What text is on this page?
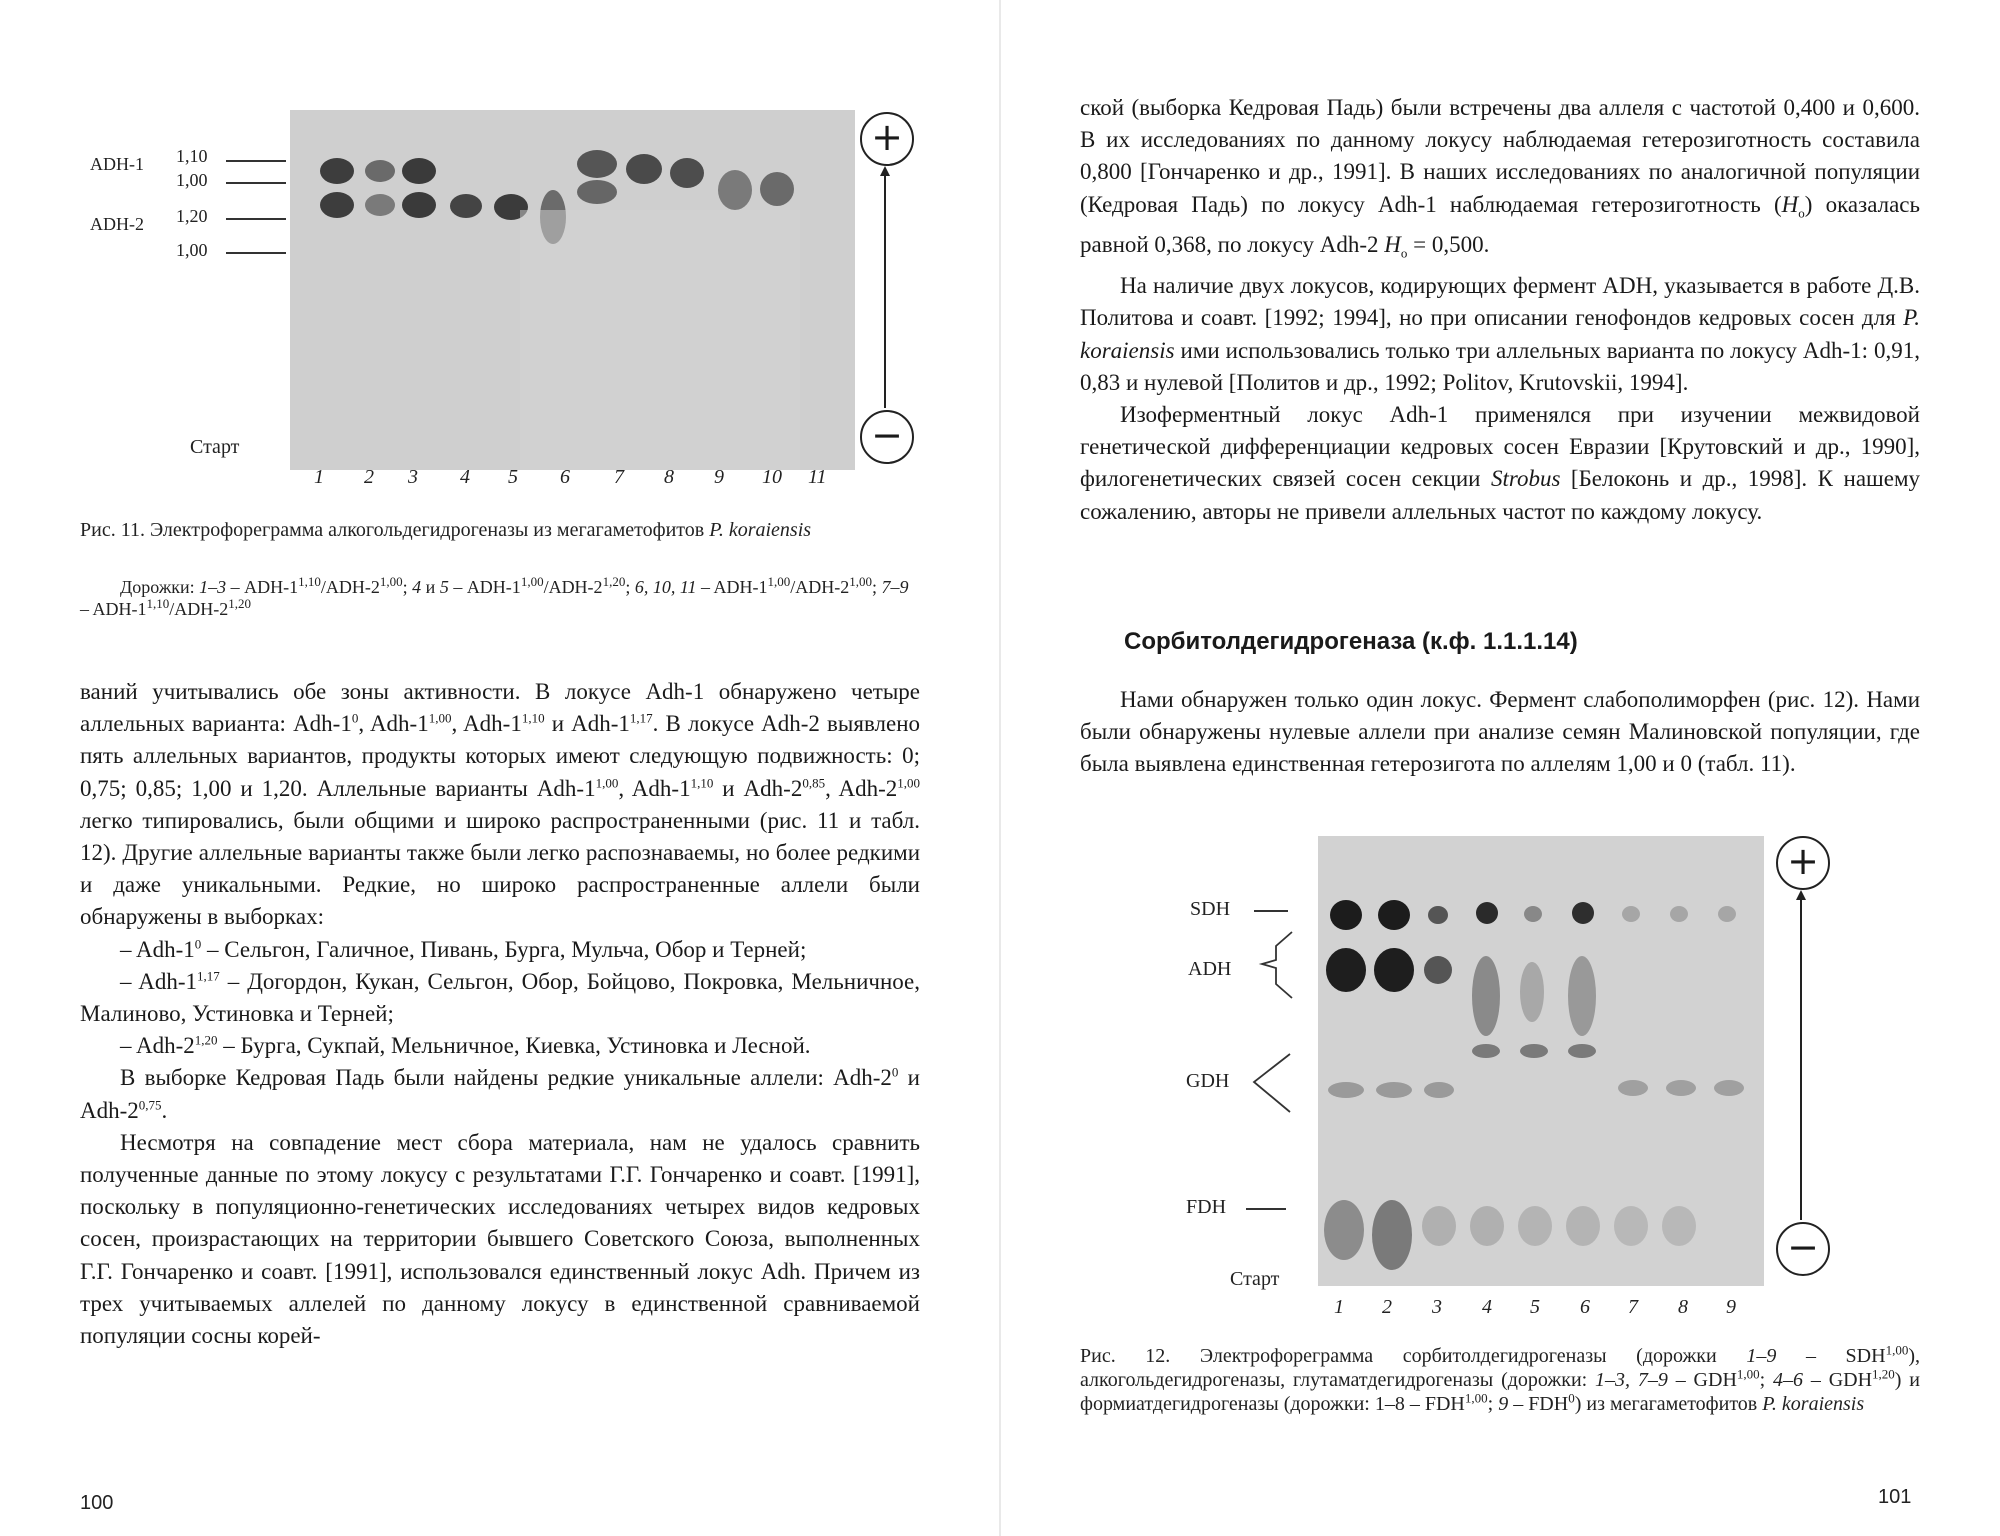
ADH-1
ADH-2
1,10
1,00
1,20
1,00
Старт
1 2 3 4 5 6 7 8 9 10 11
+
−
Рис. 11. Электрофореграмма алкогольдегидрогеназы из мегагаметофитов P. koraiensis
Дорожки: 1–3 – ADH-1$^{1,10}$/ADH-2$^{1,00}$; 4 и 5 – ADH-1$^{1,00}$/ADH-2$^{1,20}$; 6, 10, 11 – ADH-1$^{1,00}$/ADH-2$^{1,00}$; 7–9 – ADH-1$^{1,10}$/ADH-2$^{1,20}$

ваний учитывались обе зоны активности. В локусе Adh-1 обнаружено четыре аллельных варианта: Adh-$1^0$, Adh-1$^{1,00}$, Adh-1$^{1,10}$ и Adh-1$^{1,17}$. В локусе Adh-2 выявлено пять аллельных вариантов, продукты которых имеют следующую подвижность: 0; 0,75; 0,85; 1,00 и 1,20. Аллельные варианты Adh-1$^{1,00}$, Adh-1$^{1,10}$ и Adh-2$^{0,85}$, Adh-2$^{1,00}$ легко типировались, были общими и широко распространенными (рис. 11 и табл. 12). Другие аллельные варианты также были легко распознаваемы, но более редкими и даже уникальными. Редкие, но широко распространенные аллели были обнаружены в выборках:

– Adh-$1^0$ – Сельгон, Галичное, Пивань, Бурга, Мульча, Обор и Терней;

– Adh-1$^{1,17}$ – Догордон, Кукан, Сельгон, Обор, Бойцово, Покровка, Мельничное, Малиново, Устиновка и Терней;

– Adh-2$^{1,20}$ – Бурга, Сукпай, Мельничное, Киевка, Устиновка и Лесной.

В выборке Кедровая Падь были найдены редкие уникальные аллели: Adh-$2^0$ и Adh-2$^{0,75}$.

Несмотря на совпадение мест сбора материала, нам не удалось сравнить полученные данные по этому локусу с результатами Г.Г. Гончаренко и соавт. [1991], поскольку в популяционно-генетических исследованиях четырех видов кедровых сосен, произрастающих на территории бывшего Советского Союза, выполненных Г.Г. Гончаренко и соавт. [1991], использовался единственный локус Adh. Причем из трех учитываемых аллелей по данному локусу в единственной сравниваемой популяции сосны корей-

100

ской (выборка Кедровая Падь) были встречены два аллеля с частотой 0,400 и 0,600. В их исследованиях по данному локусу наблюдаемая гетерозиготность составила 0,800 [Гончаренко и др., 1991]. В наших исследованиях по аналогичной популяции (Кедровая Падь) по локусу Adh-1 наблюдаемая гетерозиготность $(H_o)$ оказалась равной 0,368, по локусу Adh-2 $H_o = 0,500$.

На наличие двух локусов, кодирующих фермент ADH, указывается в работе Д.В. Политова и соавт. [1992; 1994], но при описании генофондов кедровых сосен для P. koraiensis ими использовались только три аллельных варианта по локусу Adh-1: 0,91, 0,83 и нулевой [Политов и др., 1992; Politov, Krutovskii, 1994].

Изоферментный локус Adh-1 применялся при изучении межвидовой генетической дифференциации кедровых сосен Евразии [Крутовский и др., 1990], филогенетических связей сосен секции Strobus [Белоконь и др., 1998]. К нашему сожалению, авторы не привели аллельных частот по каждому локусу.

Сорбитолдегидрогеназа (к.ф. 1.1.1.14)

Нами обнаружен только один локус. Фермент слабополиморфен (рис. 12). Нами были обнаружены нулевые аллели при анализе семян Малиновской популяции, где была выявлена единственная гетерозигота по аллелям 1,00 и 0 (табл. 11).

SDH
ADH
GDH
FDH
Старт
1 2 3 4 5 6 7 8 9
+
−
Рис. 12. Электрофореграмма сорбитолдегидрогеназы (дорожки 1–9 – SDH$^{1,00}$), алкогольдегидрогеназы, глутаматдегидрогеназы (дорожки: 1–3, 7–9 – GDH$^{1,00}$; 4–6 – GDH$^{1,20}$) и формиатдегидрогеназы (дорожки: 1–8 – FDH$^{1,00}$; 9 – FDH$^0$) из мегагаметофитов P. koraiensis
101
